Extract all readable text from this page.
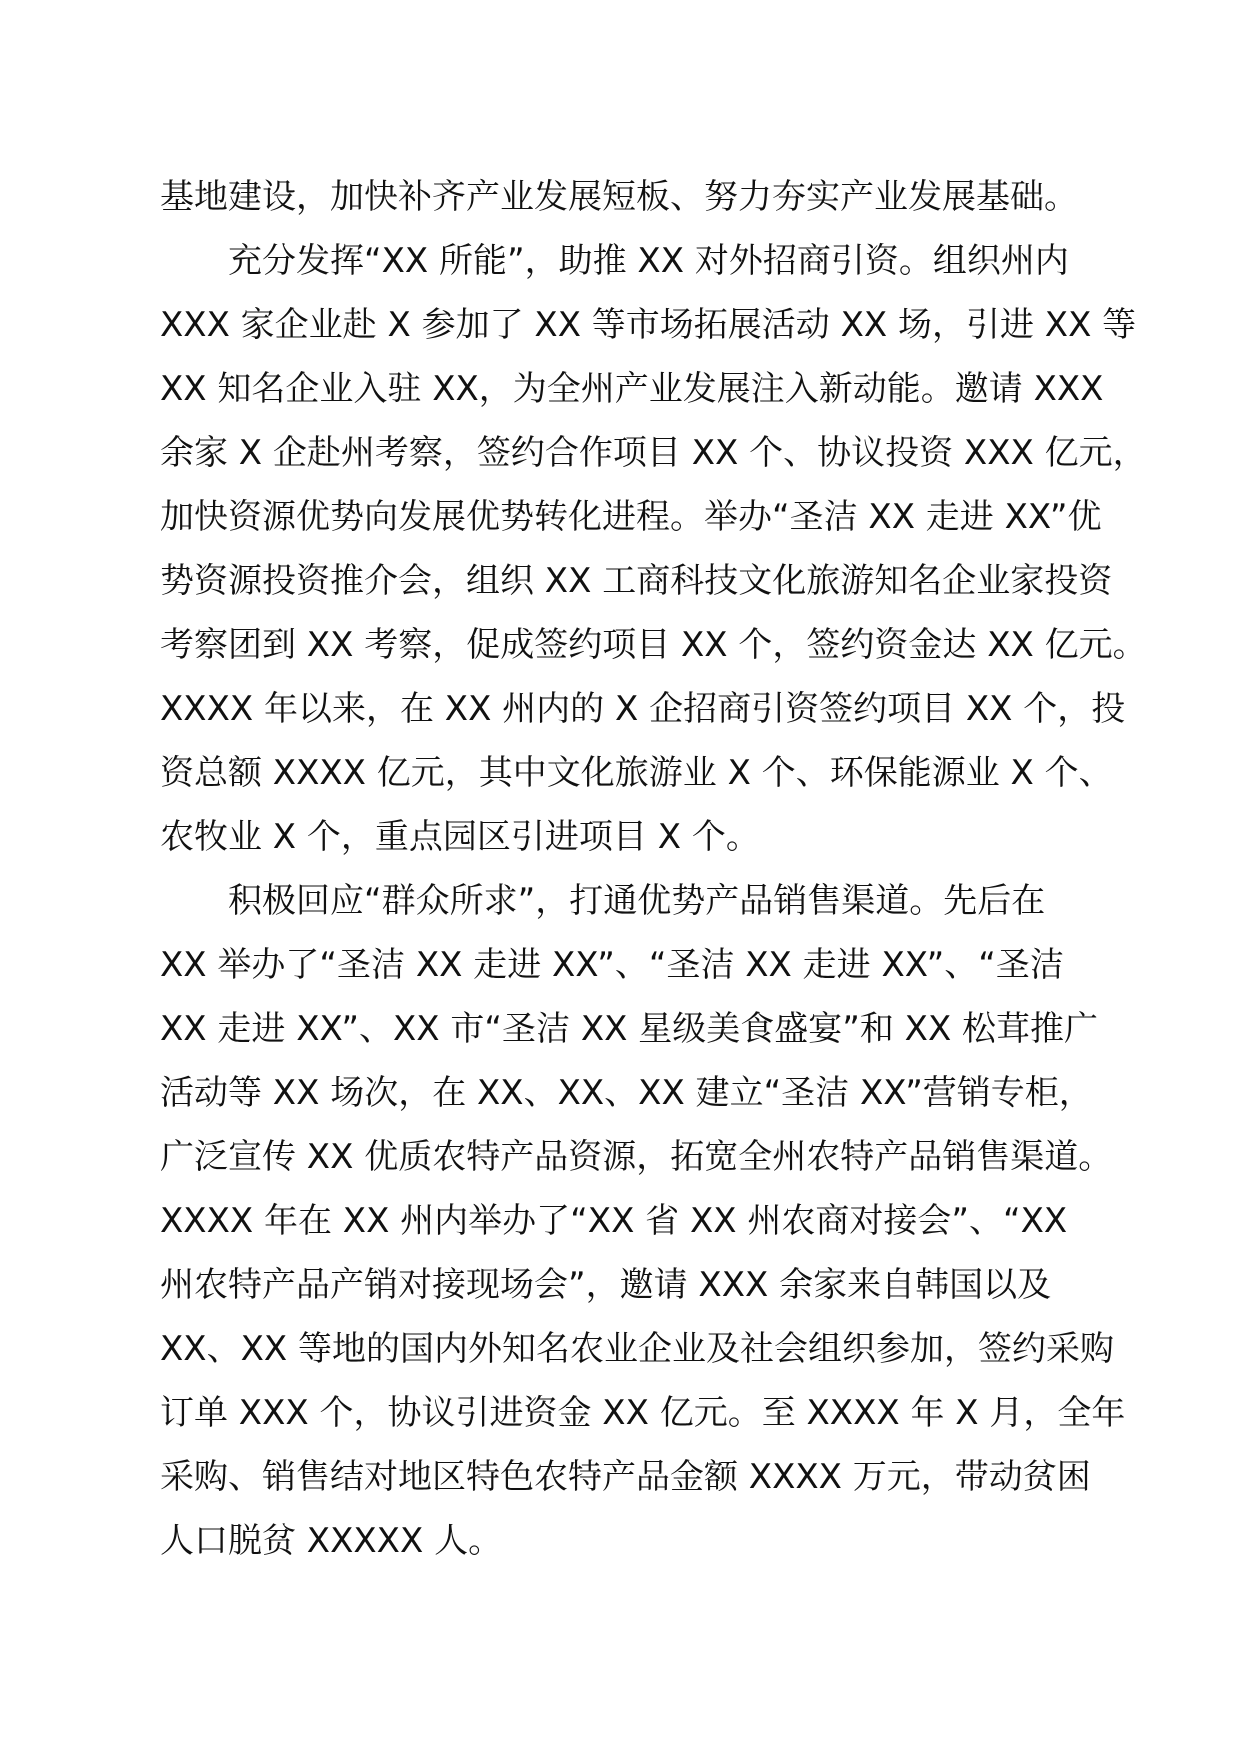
基地建设，加快补齐产业发展短板、努力夯实产业发展基础。
充分发挥“XX 所能”，助推 XX 对外招商引资。组织州内
XXX 家企业赴 X 参加了 XX 等市场拓展活动 XX 场，引进 XX 等
XX 知名企业入驻 XX，为全州产业发展注入新动能。邀请 XXX
余家 X 企赴州考察，签约合作项目 XX 个、协议投资 XXX 亿元，
加快资源优势向发展优势转化进程。举办“圣洁 XX 走进 XX”优
势资源投资推介会，组织 XX 工商科技文化旅游知名企业家投资
考察团到 XX 考察，促成签约项目 XX 个，签约资金达 XX 亿元。
XXXX 年以来，在 XX 州内的 X 企招商引资签约项目 XX 个，投
资总额 XXXX 亿元，其中文化旅游业 X 个、环保能源业 X 个、
农牧业 X 个，重点园区引进项目 X 个。
积极回应“群众所求”，打通优势产品销售渠道。先后在
XX 举办了“圣洁 XX 走进 XX”、“圣洁 XX 走进 XX”、“圣洁
XX 走进 XX”、XX 市“圣洁 XX 星级美食盛宴”和 XX 松茸推广
活动等 XX 场次，在 XX、XX、XX 建立“圣洁 XX”营销专柜，
广泛宣传 XX 优质农特产品资源，拓宽全州农特产品销售渠道。
XXXX 年在 XX 州内举办了“XX 省 XX 州农商对接会”、“XX
州农特产品产销对接现场会”，邀请 XXX 余家来自韩国以及
XX、XX 等地的国内外知名农业企业及社会组织参加，签约采购
订单 XXX 个，协议引进资金 XX 亿元。至 XXXX 年 X 月，全年
采购、销售结对地区特色农特产品金额 XXXX 万元，带动贫困
人口脱贫 XXXXX 人。
